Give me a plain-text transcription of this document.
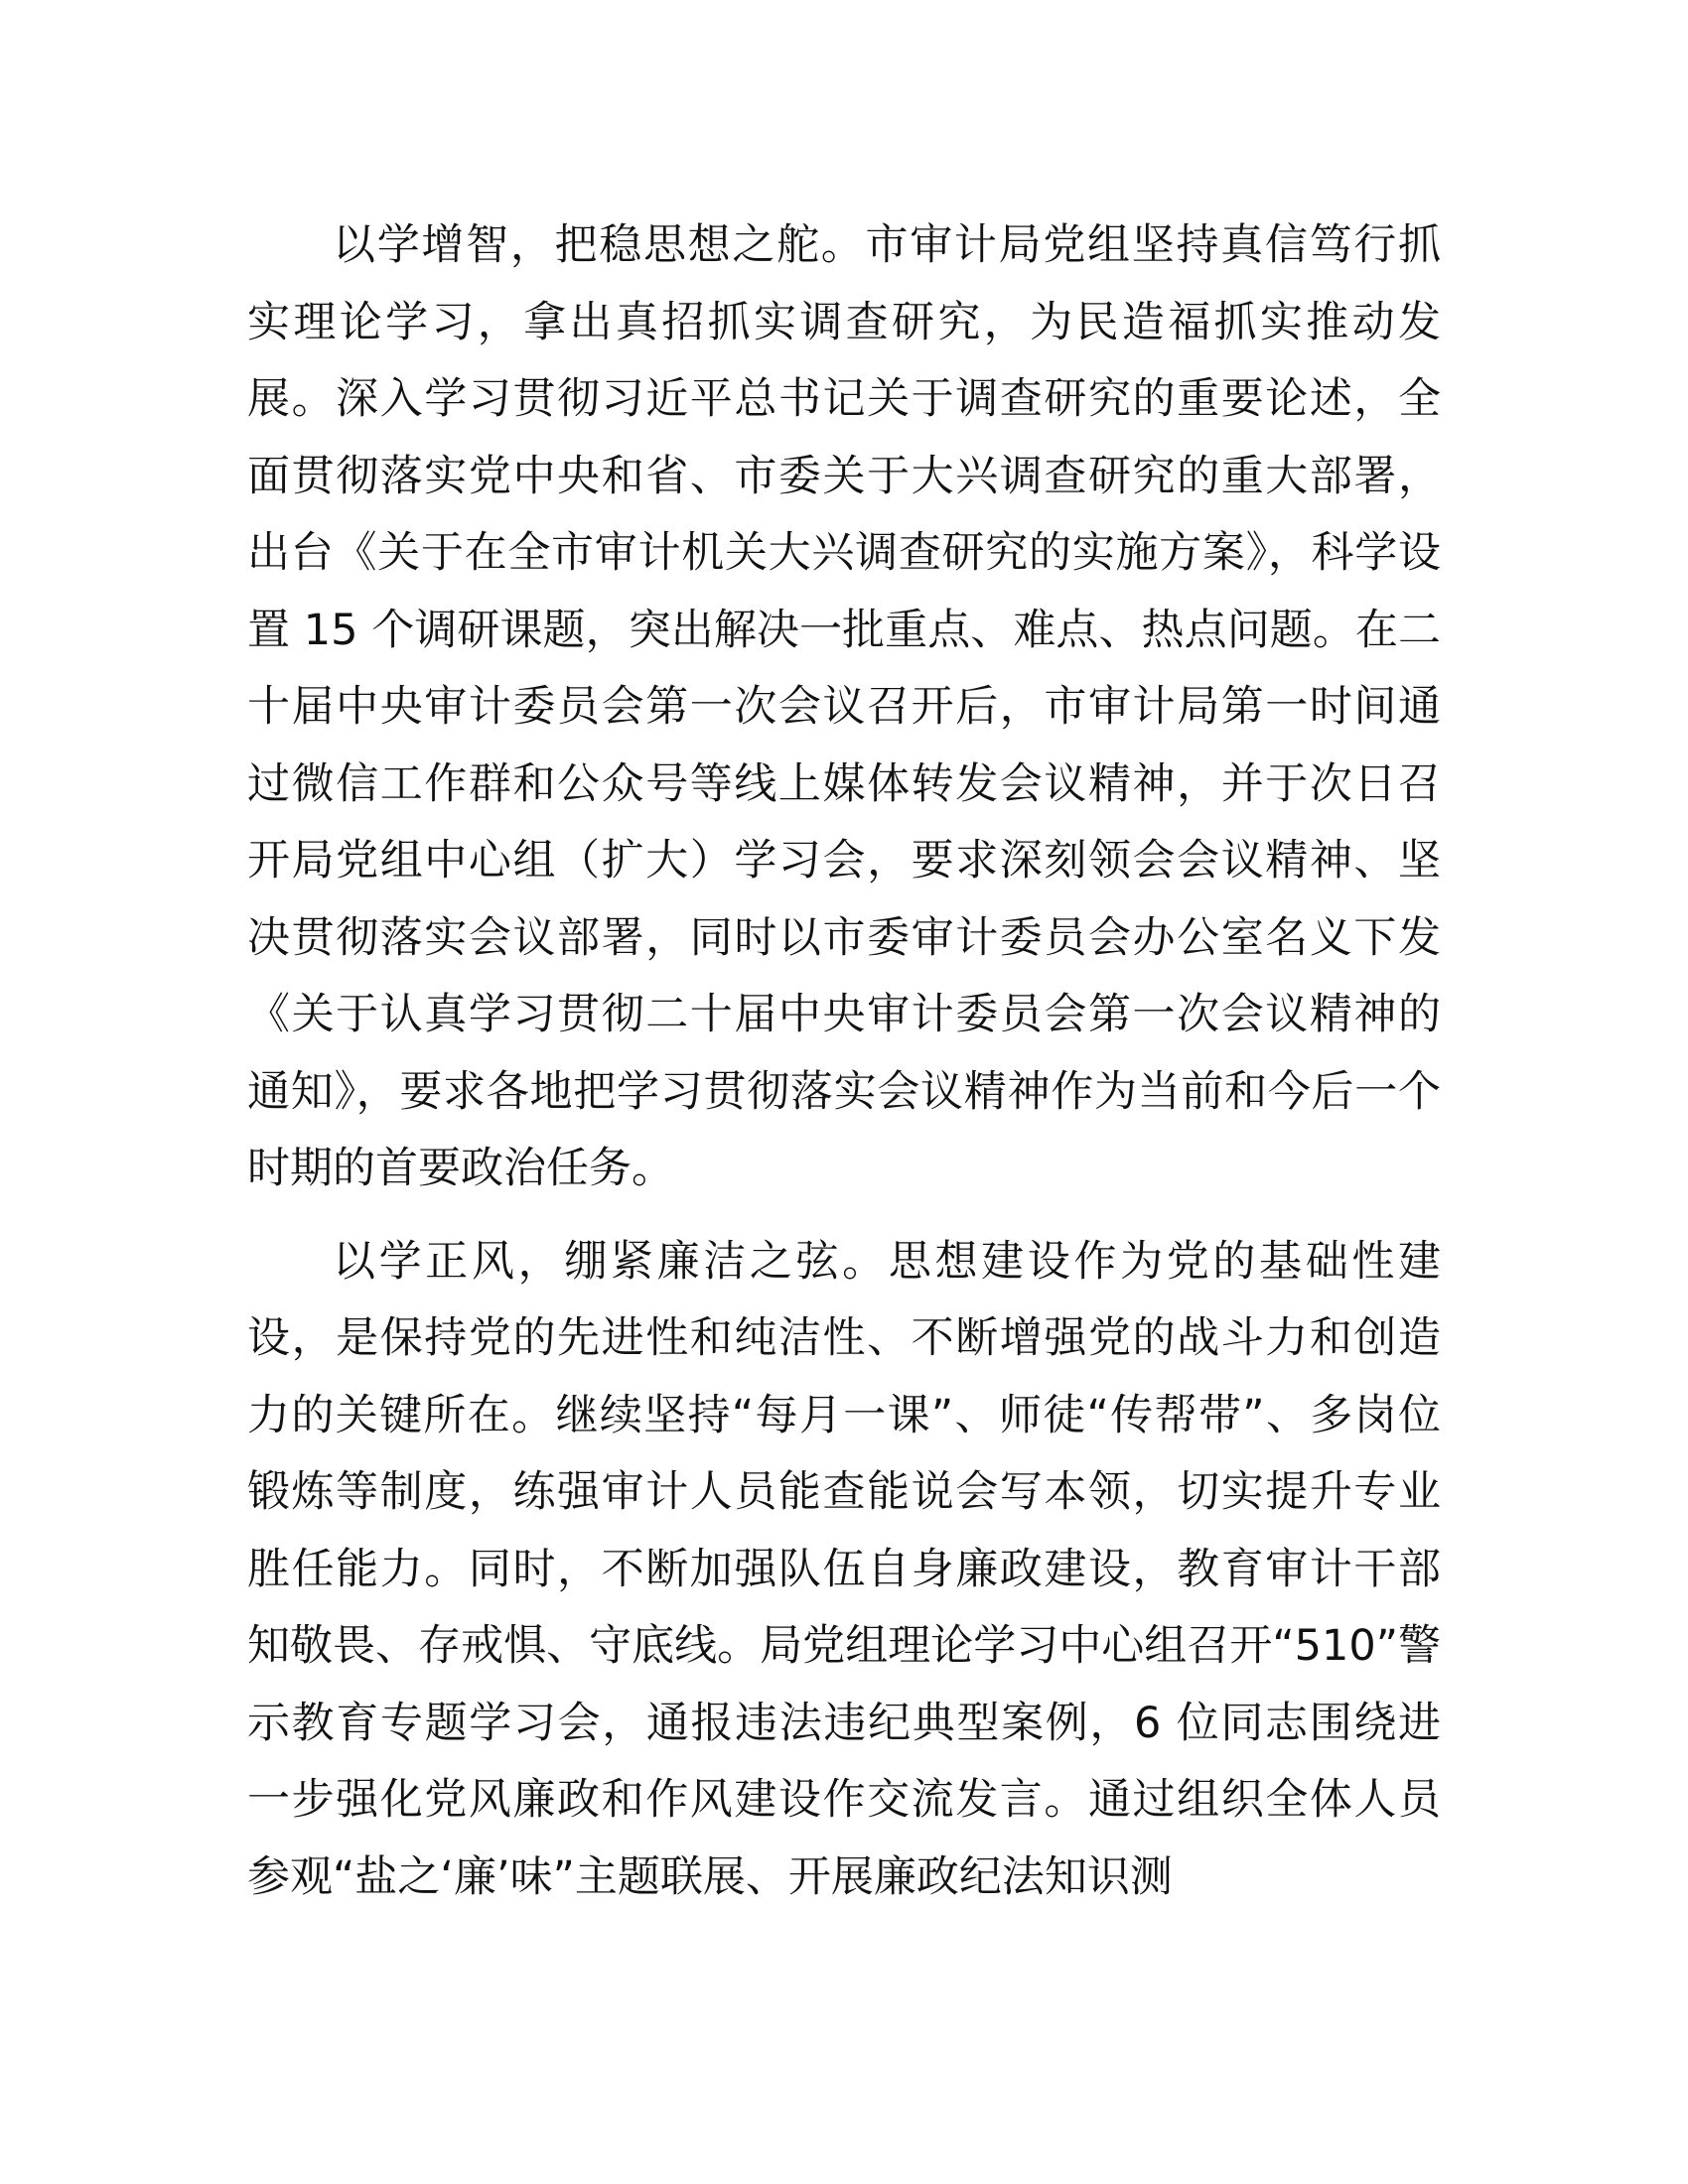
以学增智，把稳思想之舵。市审计局党组坚持真信笃行抓实理论学习，拿出真招抓实调查研究，为民造福抓实推动发展。深入学习贯彻习近平总书记关于调查研究的重要论述，全面贯彻落实党中央和省、市委关于大兴调查研究的重大部署，出台《关于在全市审计机关大兴调查研究的实施方案》，科学设置 15 个调研课题，突出解决一批重点、难点、热点问题。在二十届中央审计委员会第一次会议召开后，市审计局第一时间通过微信工作群和公众号等线上媒体转发会议精神，并于次日召开局党组中心组（扩大）学习会，要求深刻领会会议精神、坚决贯彻落实会议部署，同时以市委审计委员会办公室名义下发《关于认真学习贯彻二十届中央审计委员会第一次会议精神的通知》，要求各地把学习贯彻落实会议精神作为当前和今后一个时期的首要政治任务。

以学正风，绷紧廉洁之弦。思想建设作为党的基础性建设，是保持党的先进性和纯洁性、不断增强党的战斗力和创造力的关键所在。继续坚持“每月一课”、师徒“传帮带”、多岗位锻炼等制度，练强审计人员能查能说会写本领，切实提升专业胜任能力。同时，不断加强队伍自身廉政建设，教育审计干部知敬畏、存戒惧、守底线。局党组理论学习中心组召开“510”警示教育专题学习会，通报违法违纪典型案例，6 位同志围绕进一步强化党风廉政和作风建设作交流发言。通过组织全体人员参观“盐之‘廉’味”主题联展、开展廉政纪法知识测
